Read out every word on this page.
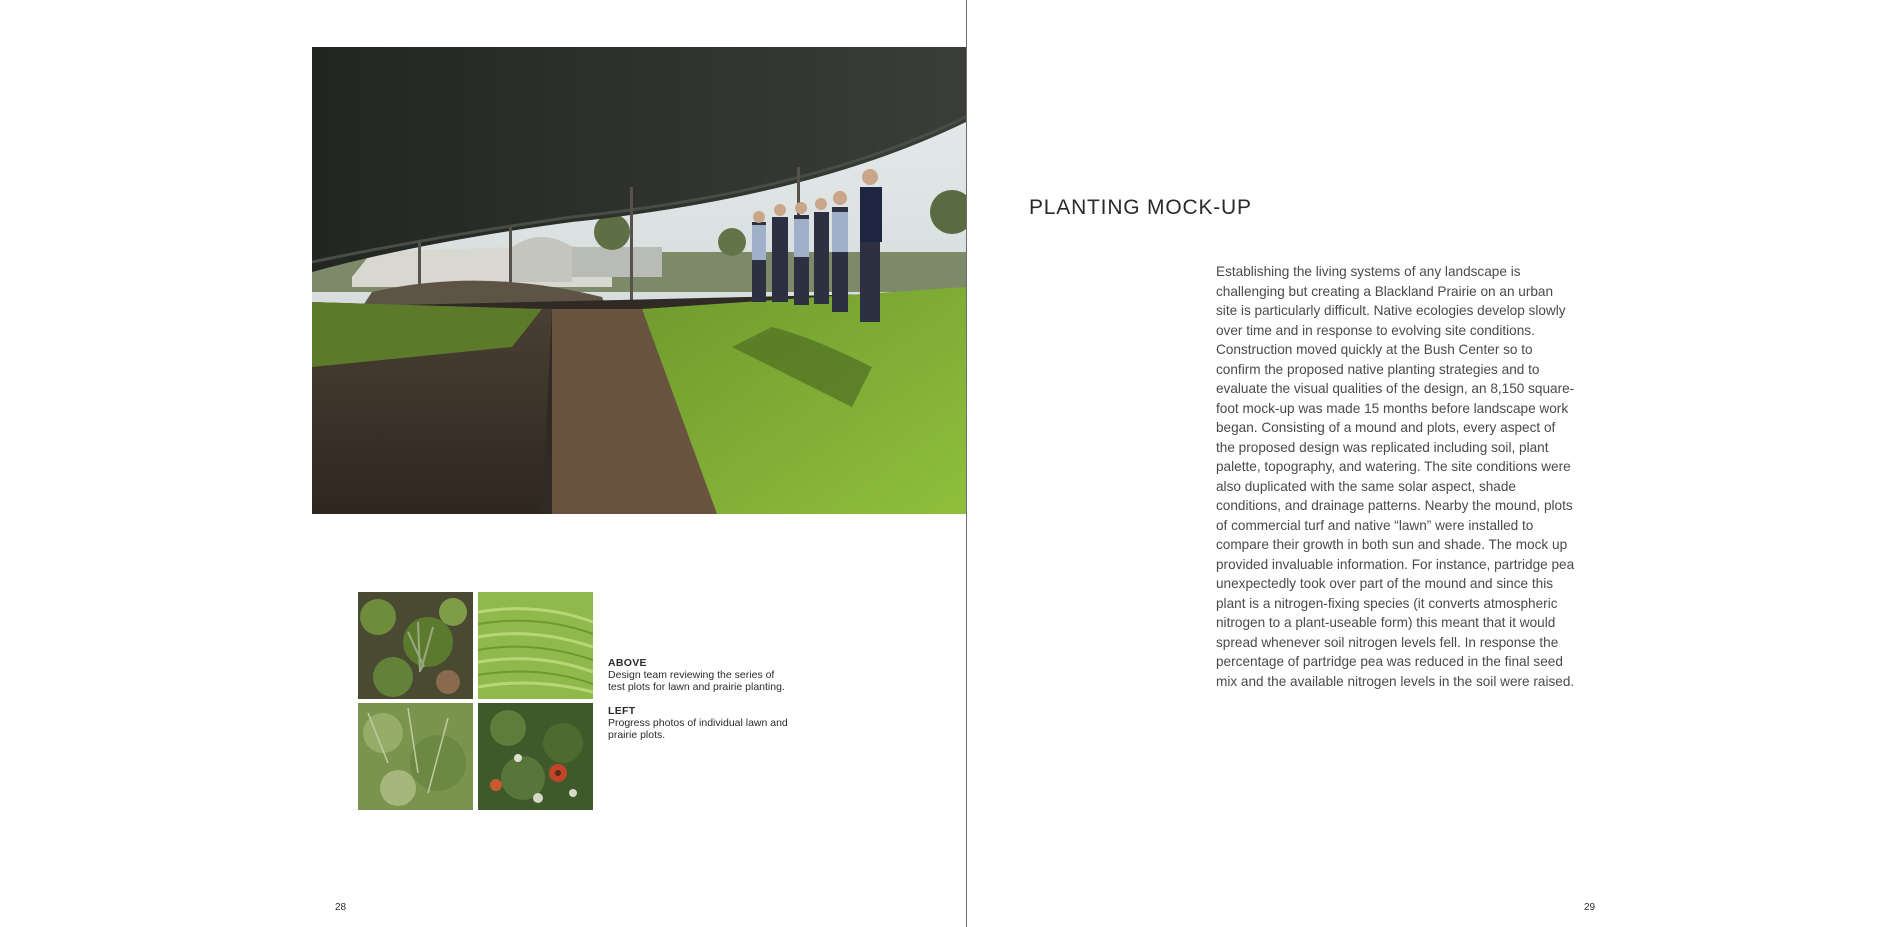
ABOVE
Design team reviewing the series of test plots for lawn and prairie planting.
LEFT
Progress photos of individual lawn and prairie plots.
28
PLANTING MOCK-UP
Establishing the living systems of any landscape is challenging but creating a Blackland Prairie on an urban site is particularly difficult. Native ecologies develop slowly over time and in response to evolving site conditions. Construction moved quickly at the Bush Center so to confirm the proposed native planting strategies and to evaluate the visual qualities of the design, an 8,150 square-foot mock-up was made 15 months before landscape work began. Consisting of a mound and plots, every aspect of the proposed design was replicated including soil, plant palette, topography, and watering. The site conditions were also duplicated with the same solar aspect, shade conditions, and drainage patterns. Nearby the mound, plots of commercial turf and native “lawn” were installed to compare their growth in both sun and shade. The mock up provided invaluable information. For instance, partridge pea unexpectedly took over part of the mound and since this plant is a nitrogen-fixing species (it converts atmospheric nitrogen to a plant-useable form) this meant that it would spread whenever soil nitrogen levels fell. In response the percentage of partridge pea was reduced in the final seed mix and the available nitrogen levels in the soil were raised.
29
